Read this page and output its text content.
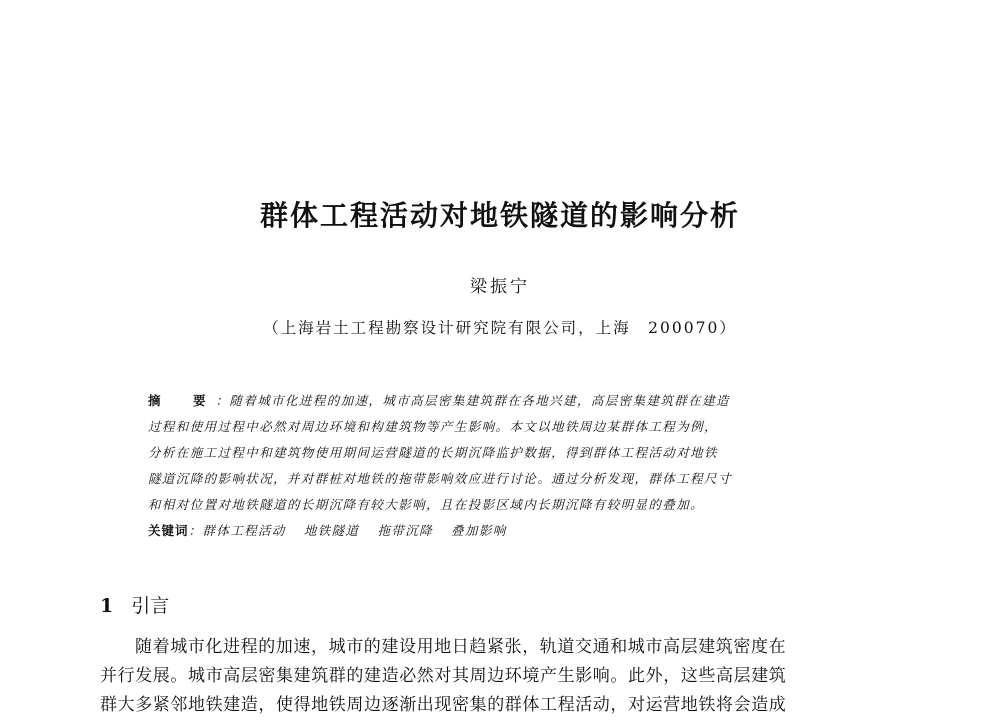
群体工程活动对地铁隧道的影响分析
梁振宁
（上海岩土工程勘察设计研究院有限公司，上海　200070）
摘　要：随着城市化进程的加速，城市高层密集建筑群在各地兴建，高层密集建筑群在建造
过程和使用过程中必然对周边环境和构建筑物等产生影响。本文以地铁周边某群体工程为例，
分析在施工过程中和建筑物使用期间运营隧道的长期沉降监护数据，得到群体工程活动对地铁
隧道沉降的影响状况，并对群桩对地铁的拖带影响效应进行讨论。通过分析发现，群体工程尺寸
和相对位置对地铁隧道的长期沉降有较大影响，且在投影区域内长期沉降有较明显的叠加。
关键词：群体工程活动 地铁隧道 拖带沉降 叠加影响
1 引言
随着城市化进程的加速，城市的建设用地日趋紧张，轨道交通和城市高层建筑密度在
并行发展。城市高层密集建筑群的建造必然对其周边环境产生影响。此外，这些高层建筑
群大多紧邻地铁建造，使得地铁周边逐渐出现密集的群体工程活动，对运营地铁将会造成
